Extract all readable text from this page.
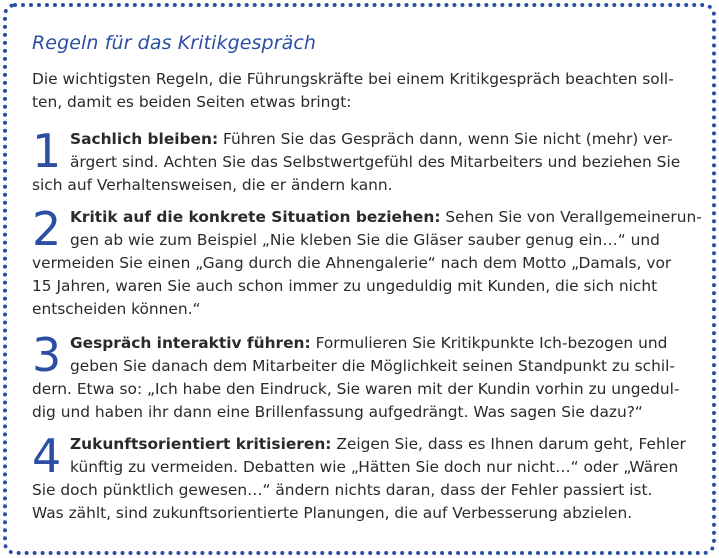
Regeln für das Kritikgespräch
Die wichtigsten Regeln, die Führungskräfte bei einem Kritikgespräch beachten soll-
ten, damit es beiden Seiten etwas bringt:
1 Sachlich bleiben: Führen Sie das Gespräch dann, wenn Sie nicht (mehr) ver-
ärgert sind. Achten Sie das Selbstwertgefühl des Mitarbeiters und beziehen Sie
sich auf Verhaltensweisen, die er ändern kann.
2 Kritik auf die konkrete Situation beziehen: Sehen Sie von Verallgemeinerun-
gen ab wie zum Beispiel „Nie kleben Sie die Gläser sauber genug ein…“ und
vermeiden Sie einen „Gang durch die Ahnengalerie“ nach dem Motto „Damals, vor
15 Jahren, waren Sie auch schon immer zu ungeduldig mit Kunden, die sich nicht
entscheiden können.“
3 Gespräch interaktiv führen: Formulieren Sie Kritikpunkte Ich-bezogen und
geben Sie danach dem Mitarbeiter die Möglichkeit seinen Standpunkt zu schil-
dern. Etwa so: „Ich habe den Eindruck, Sie waren mit der Kundin vorhin zu ungedul-
dig und haben ihr dann eine Brillenfassung aufgedrängt. Was sagen Sie dazu?“
4 Zukunftsorientiert kritisieren: Zeigen Sie, dass es Ihnen darum geht, Fehler
künftig zu vermeiden. Debatten wie „Hätten Sie doch nur nicht…“ oder „Wären
Sie doch pünktlich gewesen…“ ändern nichts daran, dass der Fehler passiert ist.
Was zählt, sind zukunftsorientierte Planungen, die auf Verbesserung abzielen.
